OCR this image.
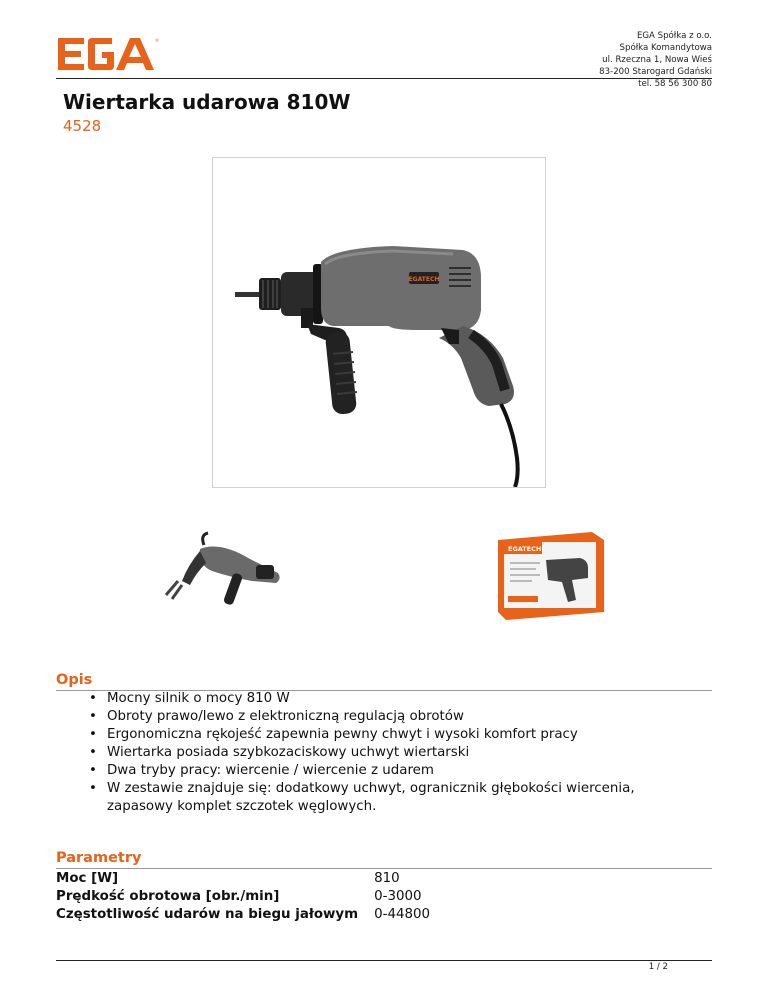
®	EGA Spółka z o.o.
Spółka Komandytowa
ul. Rzeczna 1, Nowa Wieś
83-200 Starogard Gdański
tel. 58 56 300 80
Wiertarka udarowa 810W
4528
EGATECH
EGATECH
Opis
• Mocny silnik o mocy 810 W
• Obroty prawo/lewo z elektroniczną regulacją obrotów
• Ergonomiczna rękojeść zapewnia pewny chwyt i wysoki komfort pracy
• Wiertarka posiada szybkozaciskowy uchwyt wiertarski
• Dwa tryby pracy: wiercenie / wiercenie z udarem
• W zestawie znajduje się: dodatkowy uchwyt, ogranicznik głębokości wiercenia, zapasowy komplet szczotek węglowych.
Parametry
Moc [W]	810
Prędkość obrotowa [obr./min]	0-3000
Częstotliwość udarów na biegu jałowym	0-44800
1 / 2
